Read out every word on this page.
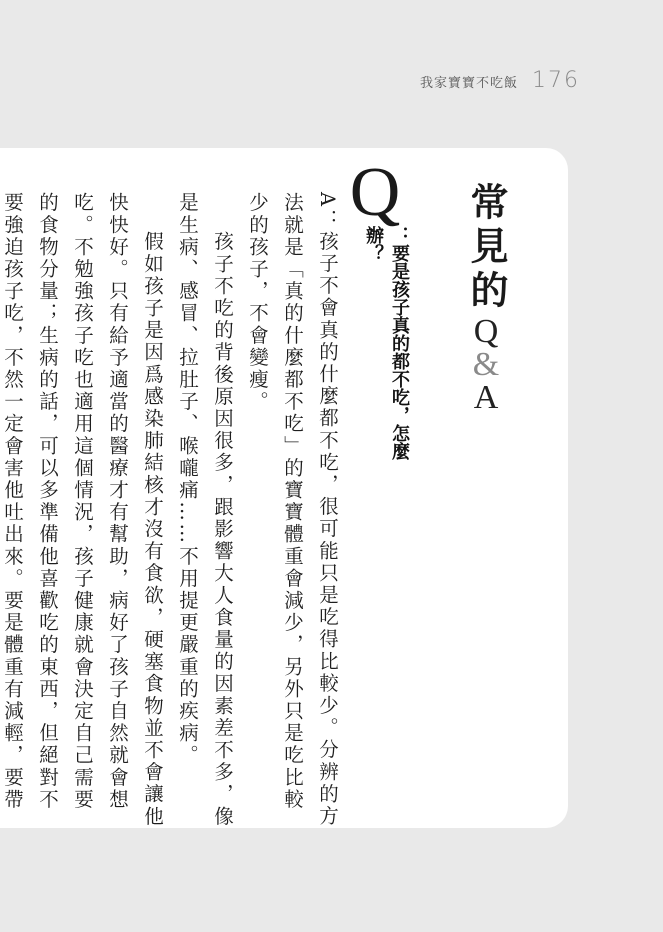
我家寶寶不吃飯 176
常見的
Q
&
A
Q
：要是孩子真的都不吃，怎麼辦？

A：孩子不會真的什麼都不吃，很可能只是吃得比較少。分辨的方法就是「真的什麼都不吃」的寶寶體重會減少，另外只是吃比較少的孩子，不會變瘦。

孩子不吃的背後原因很多，跟影響大人食量的因素差不多，像是生病、感冒、拉肚子、喉嚨痛……不用提更嚴重的疾病。

假如孩子是因爲感染肺結核才沒有食欲，硬塞食物並不會讓他快快好。只有給予適當的醫療才有幫助，病好了孩子自然就會想吃。不勉強孩子吃也適用這個情況，孩子健康就會決定自己需要的食物分量；生病的話，可以多準備他喜歡吃的東西，但絕對不要強迫孩子吃，不然一定會害他吐出來。要是體重有減輕，要帶
